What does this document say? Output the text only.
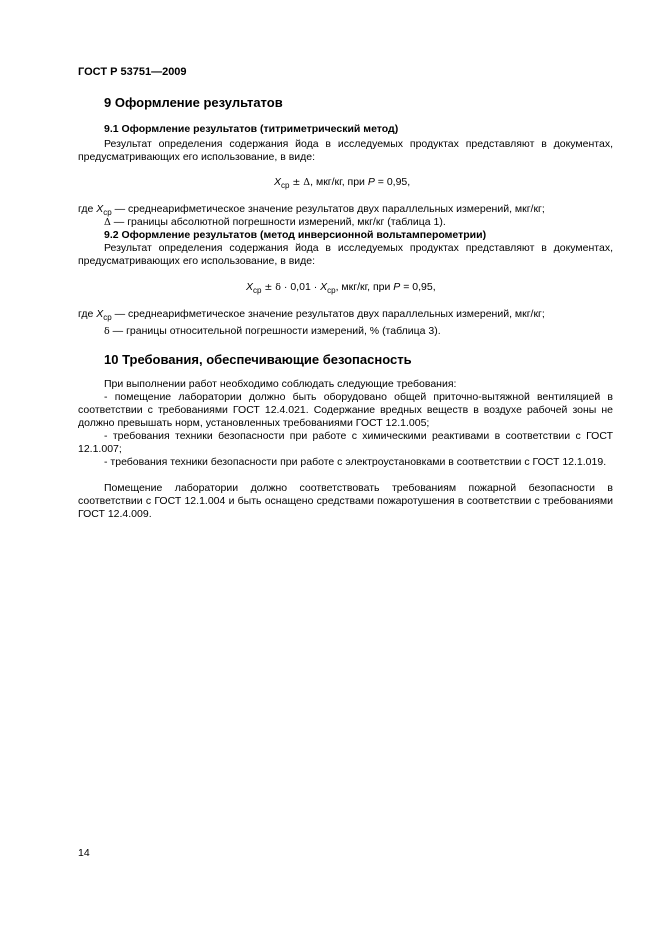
ГОСТ Р 53751—2009
9 Оформление результатов
9.1 Оформление результатов (титриметрический метод)
Результат определения содержания йода в исследуемых продуктах представляют в документах, предусматривающих его использование, в виде:
$X_{ср} \pm \Delta$, мкг/кг, при P = 0,95,
где $X_{ср}$ — среднеарифметическое значение результатов двух параллельных измерений, мкг/кг;
Δ — границы абсолютной погрешности измерений, мкг/кг (таблица 1).
9.2 Оформление результатов (метод инверсионной вольтамперометрии)
Результат определения содержания йода в исследуемых продуктах представляют в документах, предусматривающих его использование, в виде:
$X_{ср} \pm \delta \cdot 0,01 \cdot X_{ср}$, мкг/кг, при P = 0,95,
где $X_{ср}$ — среднеарифметическое значение результатов двух параллельных измерений, мкг/кг;
δ — границы относительной погрешности измерений, % (таблица 3).
10 Требования, обеспечивающие безопасность
При выполнении работ необходимо соблюдать следующие требования:
- помещение лаборатории должно быть оборудовано общей приточно-вытяжной вентиляцией в соответствии с требованиями ГОСТ 12.4.021. Содержание вредных веществ в воздухе рабочей зоны не должно превышать норм, установленных требованиями ГОСТ 12.1.005;
- требования техники безопасности при работе с химическими реактивами в соответствии с ГОСТ 12.1.007;
- требования техники безопасности при работе с электроустановками в соответствии с ГОСТ 12.1.019.
Помещение лаборатории должно соответствовать требованиям пожарной безопасности в соответствии с ГОСТ 12.1.004 и быть оснащено средствами пожаротушения в соответствии с требованиями ГОСТ 12.4.009.
14
